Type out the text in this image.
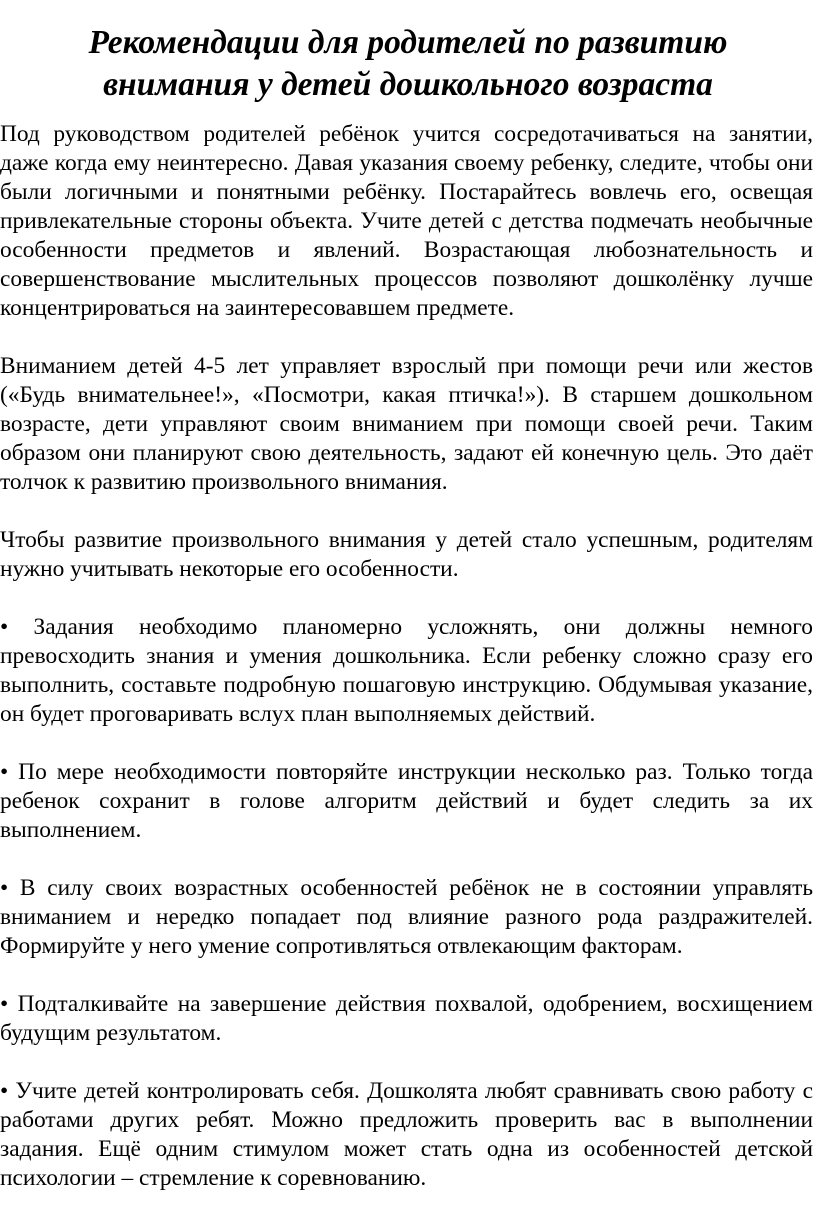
Рекомендации для родителей по развитию
внимания у детей дошкольного возраста

Под руководством родителей ребёнок учится сосредотачиваться на занятии, даже когда ему неинтересно. Давая указания своему ребенку, следите, чтобы они были логичными и понятными ребёнку. Постарайтесь вовлечь его, освещая привлекательные стороны объекта. Учите детей с детства подмечать необычные особенности предметов и явлений. Возрастающая любознательность и совершенствование мыслительных процессов позволяют дошколёнку лучше концентрироваться на заинтересовавшем предмете.

Вниманием детей 4-5 лет управляет взрослый при помощи речи или жестов («Будь внимательнее!», «Посмотри, какая птичка!»). В старшем дошкольном возрасте, дети управляют своим вниманием при помощи своей речи. Таким образом они планируют свою деятельность, задают ей конечную цель. Это даёт толчок к развитию произвольного внимания.

Чтобы развитие произвольного внимания у детей стало успешным, родителям нужно учитывать некоторые его особенности.

• Задания необходимо планомерно усложнять, они должны немного превосходить знания и умения дошкольника. Если ребенку сложно сразу его выполнить, составьте подробную пошаговую инструкцию. Обдумывая указание, он будет проговаривать вслух план выполняемых действий.

• По мере необходимости повторяйте инструкции несколько раз. Только тогда ребенок сохранит в голове алгоритм действий и будет следить за их выполнением.

• В силу своих возрастных особенностей ребёнок не в состоянии управлять вниманием и нередко попадает под влияние разного рода раздражителей. Формируйте у него умение сопротивляться отвлекающим факторам.

• Подталкивайте на завершение действия похвалой, одобрением, восхищением будущим результатом.

• Учите детей контролировать себя. Дошколята любят сравнивать свою работу с работами других ребят. Можно предложить проверить вас в выполнении задания. Ещё одним стимулом может стать одна из особенностей детской психологии – стремление к соревнованию.
